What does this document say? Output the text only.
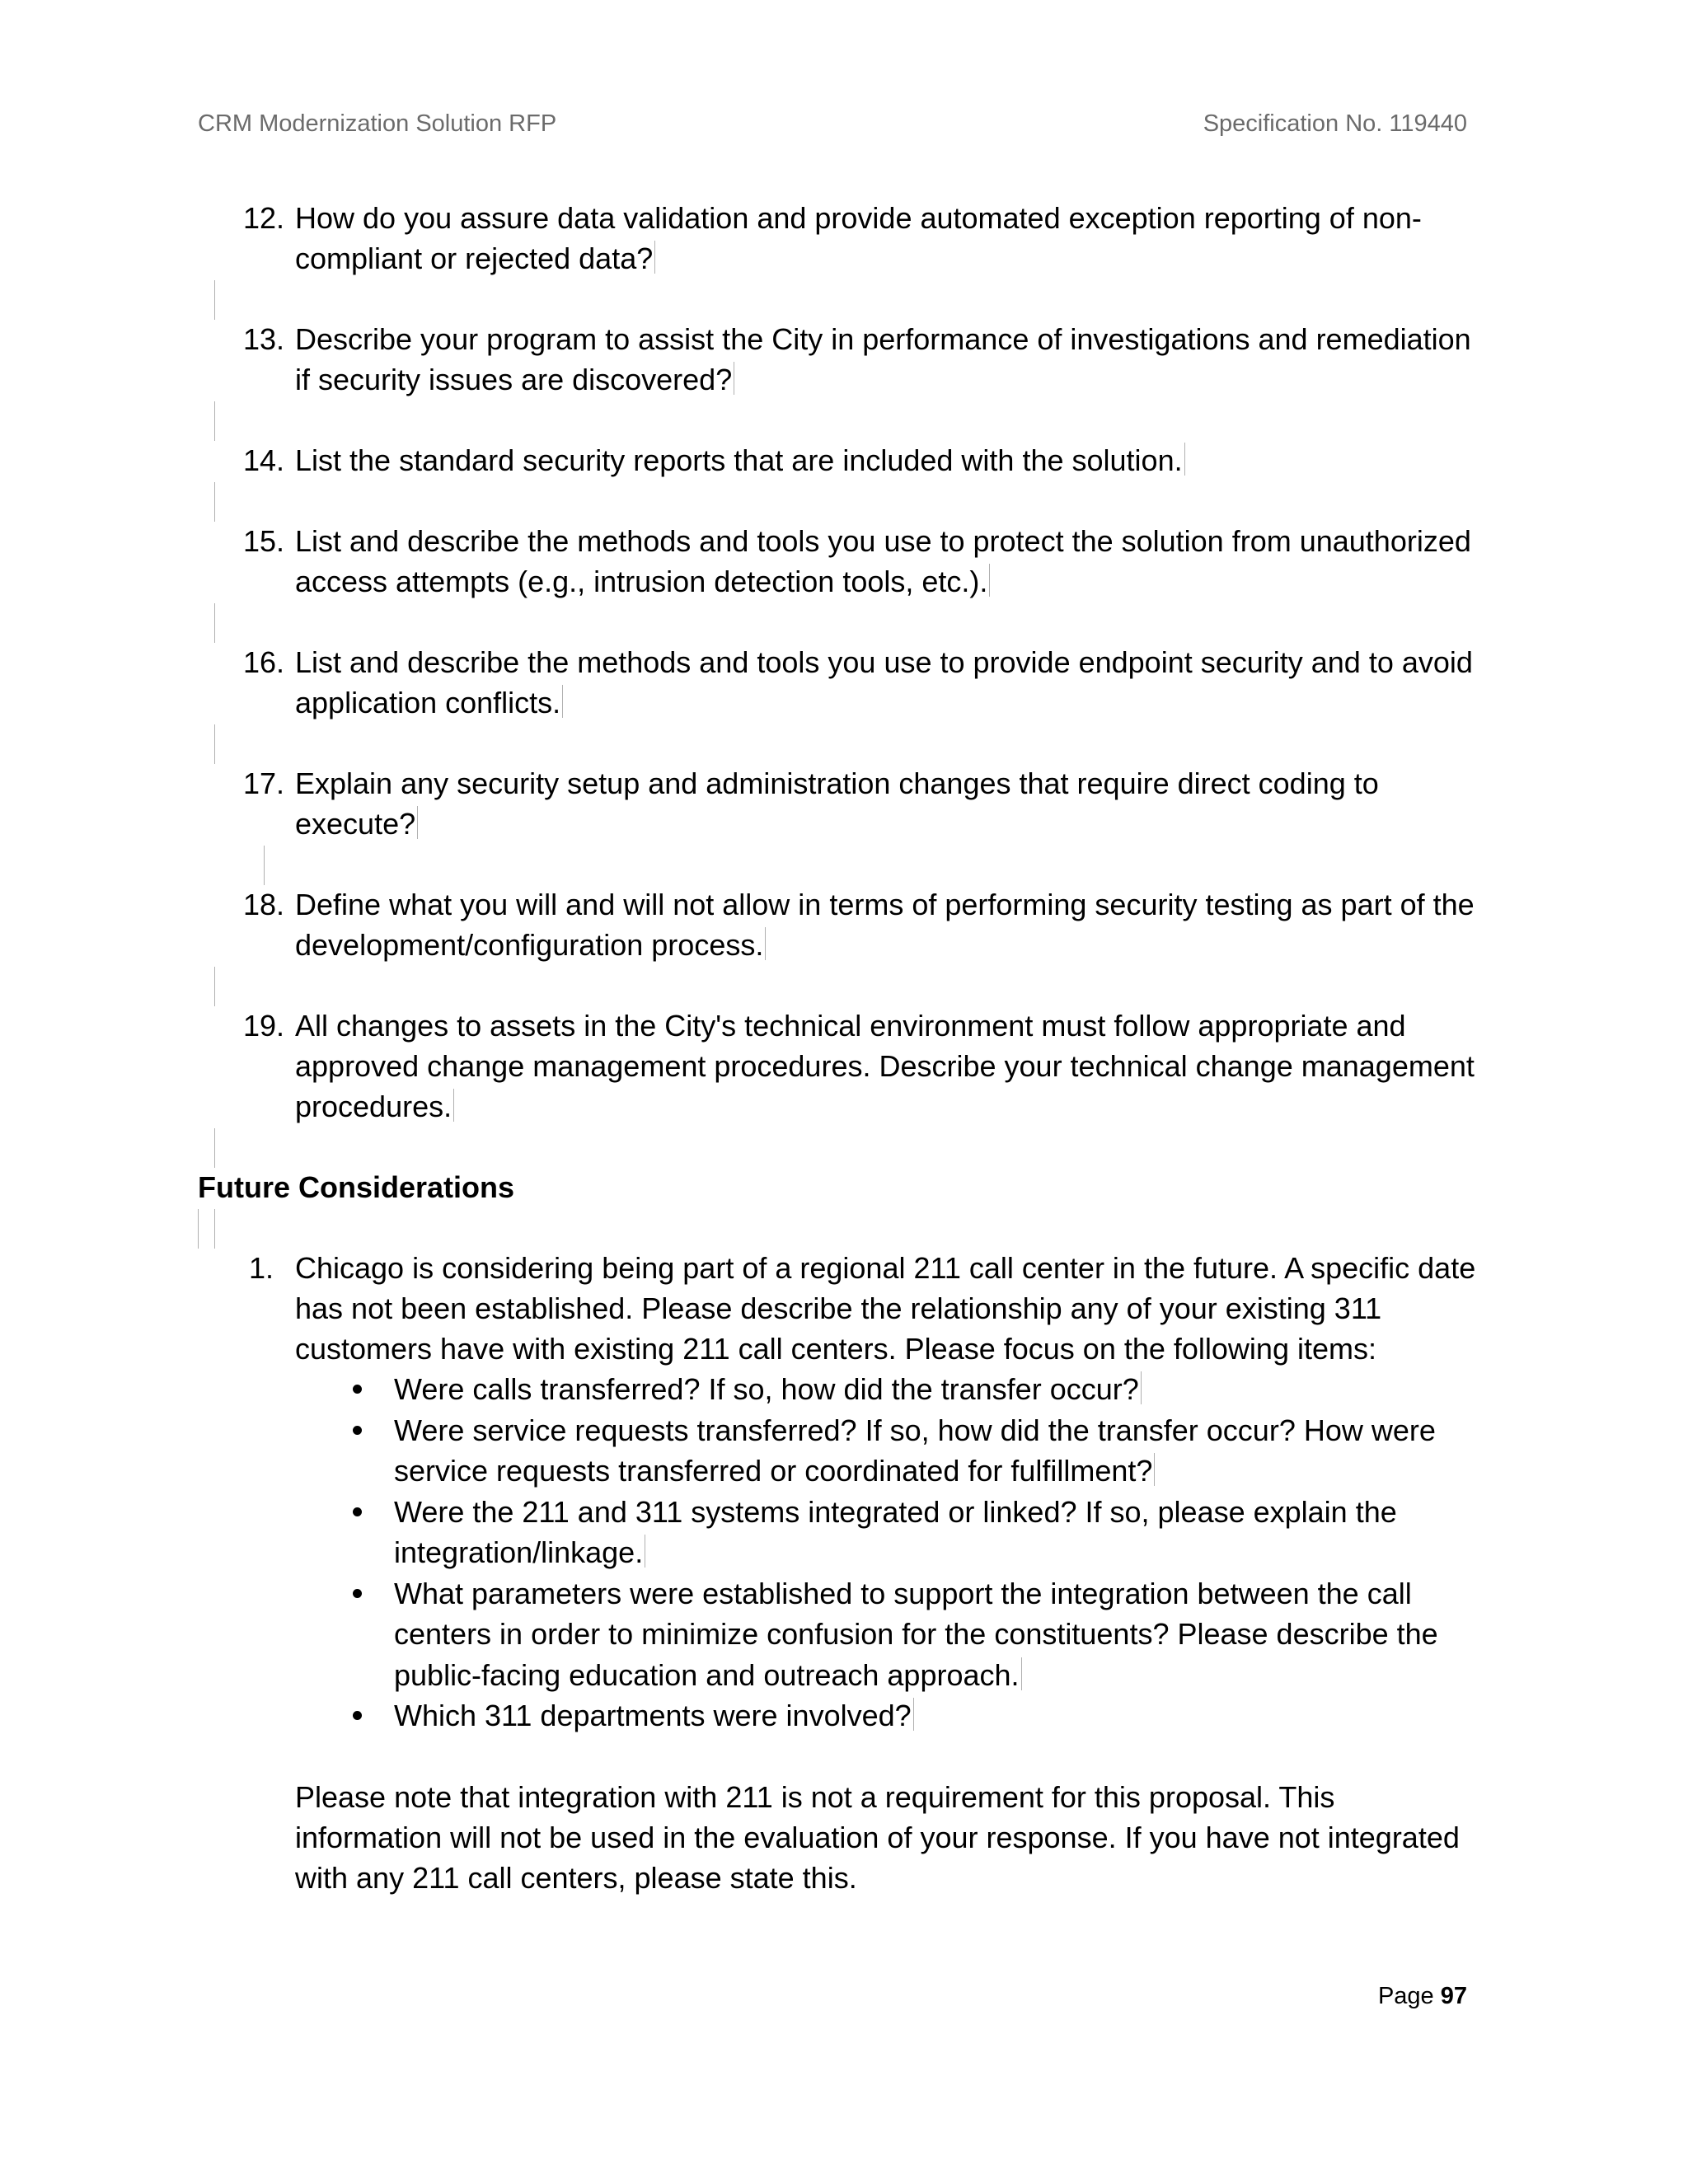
CRM Modernization Solution RFP	Specification No. 119440
12. How do you assure data validation and provide automated exception reporting of non-compliant or rejected data?
13. Describe your program to assist the City in performance of investigations and remediation if security issues are discovered?
14. List the standard security reports that are included with the solution.
15. List and describe the methods and tools you use to protect the solution from unauthorized access attempts (e.g., intrusion detection tools, etc.).
16. List and describe the methods and tools you use to provide endpoint security and to avoid application conflicts.
17. Explain any security setup and administration changes that require direct coding to execute?
18. Define what you will and will not allow in terms of performing security testing as part of the development/configuration process.
19. All changes to assets in the City's technical environment must follow appropriate and approved change management procedures. Describe your technical change management procedures.
Future Considerations
1. Chicago is considering being part of a regional 211 call center in the future. A specific date has not been established. Please describe the relationship any of your existing 311 customers have with existing 211 call centers. Please focus on the following items:
Were calls transferred? If so, how did the transfer occur?
Were service requests transferred? If so, how did the transfer occur? How were service requests transferred or coordinated for fulfillment?
Were the 211 and 311 systems integrated or linked? If so, please explain the integration/linkage.
What parameters were established to support the integration between the call centers in order to minimize confusion for the constituents? Please describe the public-facing education and outreach approach.
Which 311 departments were involved?
Please note that integration with 211 is not a requirement for this proposal. This information will not be used in the evaluation of your response. If you have not integrated with any 211 call centers, please state this.
Page 97
